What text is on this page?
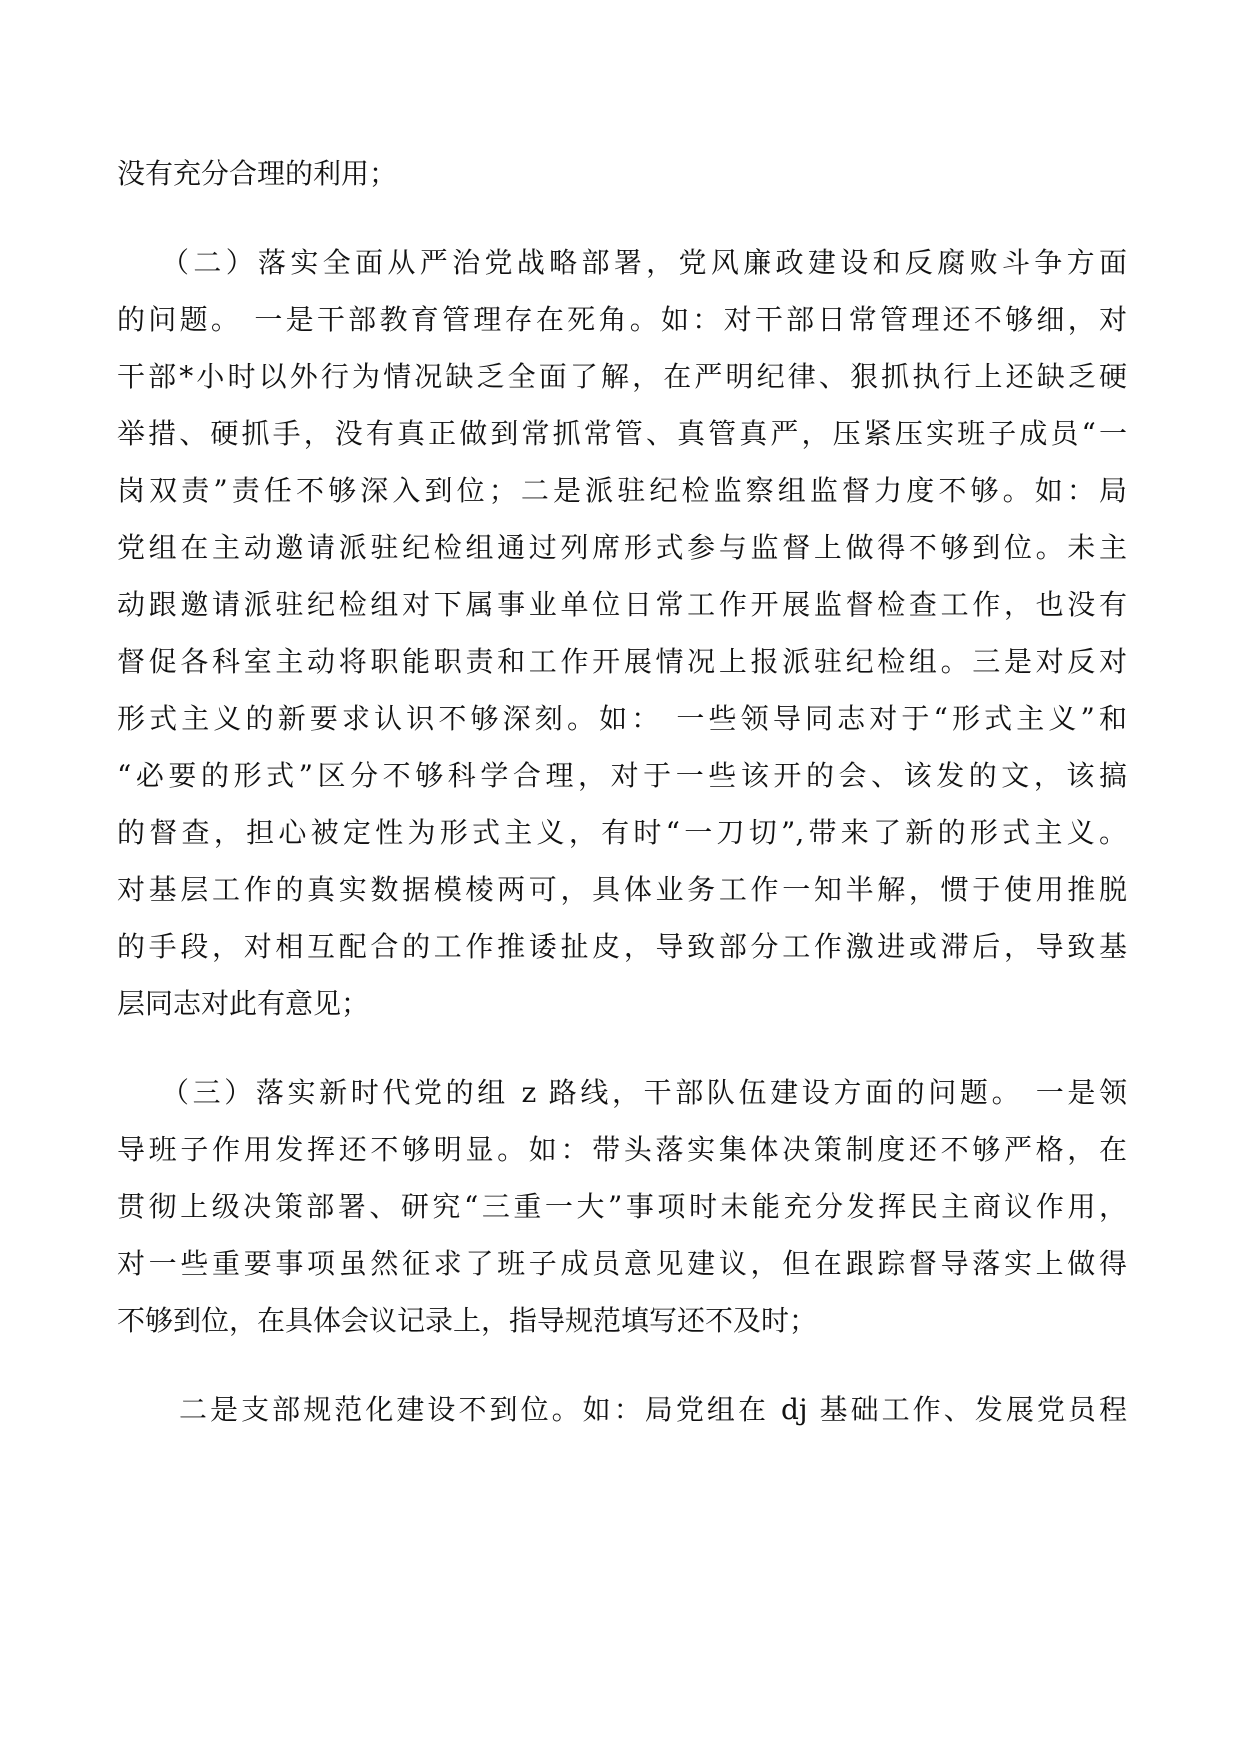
没有充分合理的利用；

（二）落实全面从严治党战略部署，党风廉政建设和反腐败斗争方面

的问题。 一是干部教育管理存在死角。如：对干部日常管理还不够细，对

干部*小时以外行为情况缺乏全面了解，在严明纪律、狠抓执行上还缺乏硬

举措、硬抓手，没有真正做到常抓常管、真管真严，压紧压实班子成员“一

岗双责”责任不够深入到位；二是派驻纪检监察组监督力度不够。如：局

党组在主动邀请派驻纪检组通过列席形式参与监督上做得不够到位。未主

动跟邀请派驻纪检组对下属事业单位日常工作开展监督检查工作，也没有

督促各科室主动将职能职责和工作开展情况上报派驻纪检组。三是对反对

形式主义的新要求认识不够深刻。如： 一些领导同志对于“形式主义”和

“必要的形式”区分不够科学合理，对于一些该开的会、该发的文，该搞

的督查，担心被定性为形式主义，有时“一刀切”,带来了新的形式主义。

对基层工作的真实数据模棱两可，具体业务工作一知半解，惯于使用推脱

的手段，对相互配合的工作推诿扯皮，导致部分工作激进或滞后，导致基

层同志对此有意见；

（三）落实新时代党的组 z 路线，干部队伍建设方面的问题。 一是领

导班子作用发挥还不够明显。如：带头落实集体决策制度还不够严格，在

贯彻上级决策部署、研究“三重一大”事项时未能充分发挥民主商议作用，

对一些重要事项虽然征求了班子成员意见建议，但在跟踪督导落实上做得

不够到位，在具体会议记录上，指导规范填写还不及时；

二是支部规范化建设不到位。如：局党组在 dj 基础工作、发展党员程
